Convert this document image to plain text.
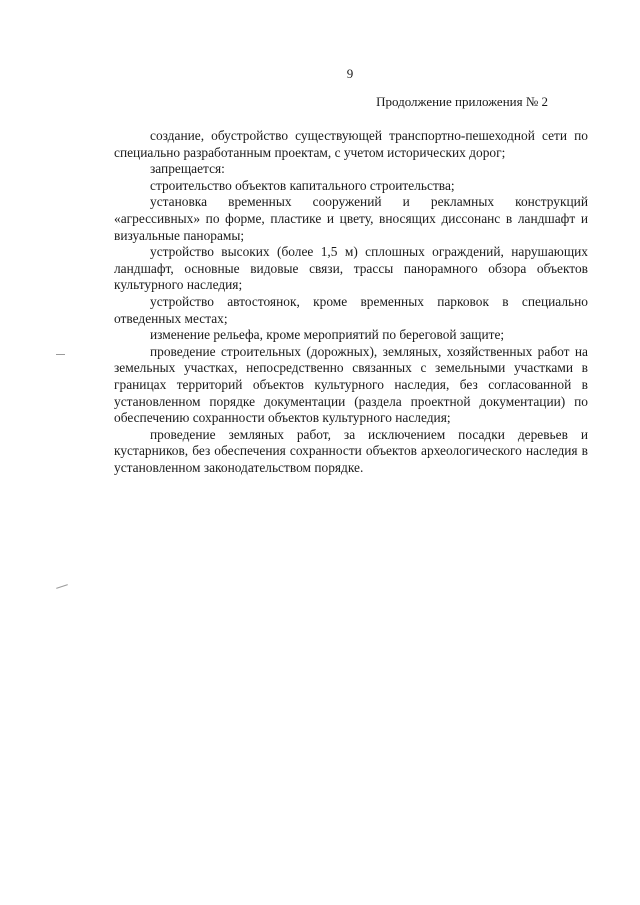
9
Продолжение приложения № 2

создание, обустройство существующей транспортно-пешеходной сети по специально разработанным проектам, с учетом исторических дорог;

запрещается:

строительство объектов капитального строительства;

установка временных сооружений и рекламных конструкций «агрессивных» по форме, пластике и цвету, вносящих диссонанс в ландшафт и визуальные панорамы;

устройство высоких (более 1,5 м) сплошных ограждений, нарушающих ландшафт, основные видовые связи, трассы панорамного обзора объектов культурного наследия;

устройство автостоянок, кроме временных парковок в специально отведенных местах;

изменение рельефа, кроме мероприятий по береговой защите;

проведение строительных (дорожных), земляных, хозяйственных работ на земельных участках, непосредственно связанных с земельными участками в границах территорий объектов культурного наследия, без согласованной в установленном порядке документации (раздела проектной документации) по обеспечению сохранности объектов культурного наследия;

проведение земляных работ, за исключением посадки деревьев и кустарников, без обеспечения сохранности объектов археологического наследия в установленном законодательством порядке.
